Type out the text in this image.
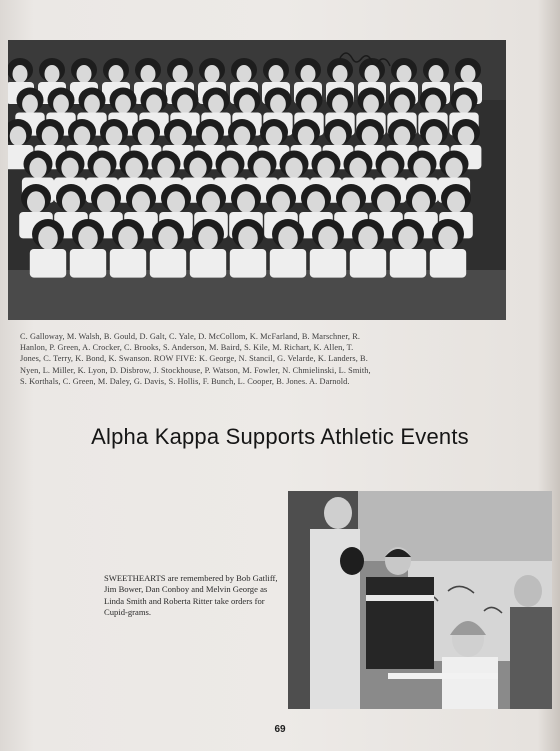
C. Galloway, M. Walsh, B. Gould, D. Galt, C. Yale, D. McCollom, K. McFarland, B. Marschner, R.

Hanlon, P. Green, A. Crocker, C. Brooks, S. Anderson, M. Baird, S. Kile, M. Richart, K. Allen, T.

Jones, C. Terry, K. Bond, K. Swanson. ROW FIVE: K. George, N. Stancil, G. Velarde, K. Landers, B.

Nyen, L. Miller, K. Lyon, D. Disbrow, J. Stockhouse, P. Watson, M. Fowler, N. Chmielinski, L. Smith,

S. Korthals, C. Green, M. Daley, G. Davis, S. Hollis, F. Bunch, L. Cooper, B. Jones. A. Darnold.

Alpha Kappa Supports Athletic Events
SWEETHEARTS are remembered by Bob Gatliff, Jim Bower, Dan Conboy and Melvin George as Linda Smith and Roberta Ritter take orders for Cupid-grams.
69
